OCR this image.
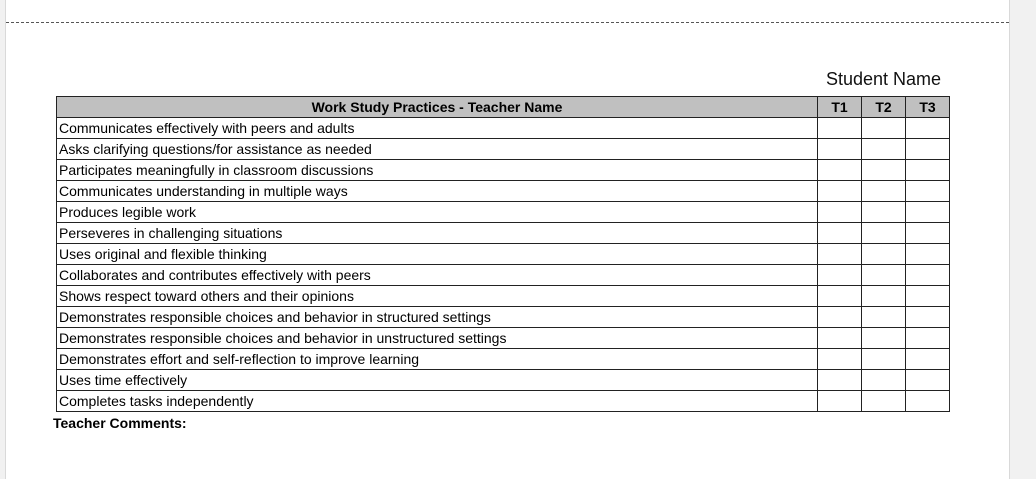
Student Name
Work Study Practices - Teacher Name	T1	T2	T3
Communicates effectively with peers and adults			
Asks clarifying questions/for assistance as needed			
Participates meaningfully in classroom discussions			
Communicates understanding in multiple ways			
Produces legible work			
Perseveres in challenging situations			
Uses original and flexible thinking			
Collaborates and contributes effectively with peers			
Shows respect toward others and their opinions			
Demonstrates responsible choices and behavior in structured settings			
Demonstrates responsible choices and behavior in unstructured settings			
Demonstrates effort and self-reflection to improve learning			
Uses time effectively			
Completes tasks independently			
Teacher Comments:
